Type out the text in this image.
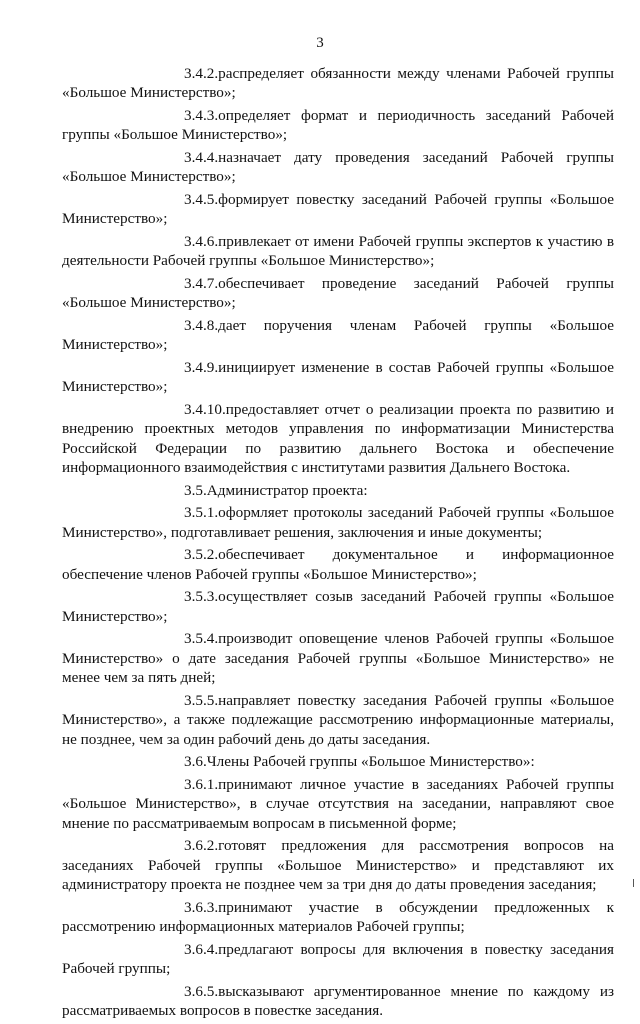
3

3.4.2.распределяет обязанности между членами Рабочей группы «Большое Министерство»;

3.4.3.определяет формат и периодичность заседаний Рабочей группы «Большое Министерство»;

3.4.4.назначает дату проведения заседаний Рабочей группы «Большое Министерство»;

3.4.5.формирует повестку заседаний Рабочей группы «Большое Министерство»;

3.4.6.привлекает от имени Рабочей группы экспертов к участию в деятельности Рабочей группы «Большое Министерство»;

3.4.7.обеспечивает проведение заседаний Рабочей группы «Большое Министерство»;

3.4.8.дает поручения членам Рабочей группы «Большое Министерство»;

3.4.9.инициирует изменение в состав Рабочей группы «Большое Министерство»;

3.4.10.предоставляет отчет о реализации проекта по развитию и внедрению проектных методов управления по информатизации Министерства Российской Федерации по развитию дальнего Востока и обеспечение информационного взаимодействия с институтами развития Дальнего Востока.

3.5.Администратор проекта:

3.5.1.оформляет протоколы заседаний Рабочей группы «Большое Министерство», подготавливает решения, заключения и иные документы;

3.5.2.обеспечивает документальное и информационное обеспечение членов Рабочей группы «Большое Министерство»;

3.5.3.осуществляет созыв заседаний Рабочей группы «Большое Министерство»;

3.5.4.производит оповещение членов Рабочей группы «Большое Министерство» о дате заседания Рабочей группы «Большое Министерство» не менее чем за пять дней;

3.5.5.направляет повестку заседания Рабочей группы «Большое Министерство», а также подлежащие рассмотрению информационные материалы, не позднее, чем за один рабочий день до даты заседания.

3.6.Члены Рабочей группы «Большое Министерство»:

3.6.1.принимают личное участие в заседаниях Рабочей группы «Большое Министерство», в случае отсутствия на заседании, направляют свое мнение по рассматриваемым вопросам в письменной форме;

3.6.2.готовят предложения для рассмотрения вопросов на заседаниях Рабочей группы «Большое Министерство» и представляют их администратору проекта не позднее чем за три дня до даты проведения заседания;

3.6.3.принимают участие в обсуждении предложенных к рассмотрению информационных материалов Рабочей группы;

3.6.4.предлагают вопросы для включения в повестку заседания Рабочей группы;

3.6.5.высказывают аргументированное мнение по каждому из рассматриваемых вопросов в повестке заседания.
